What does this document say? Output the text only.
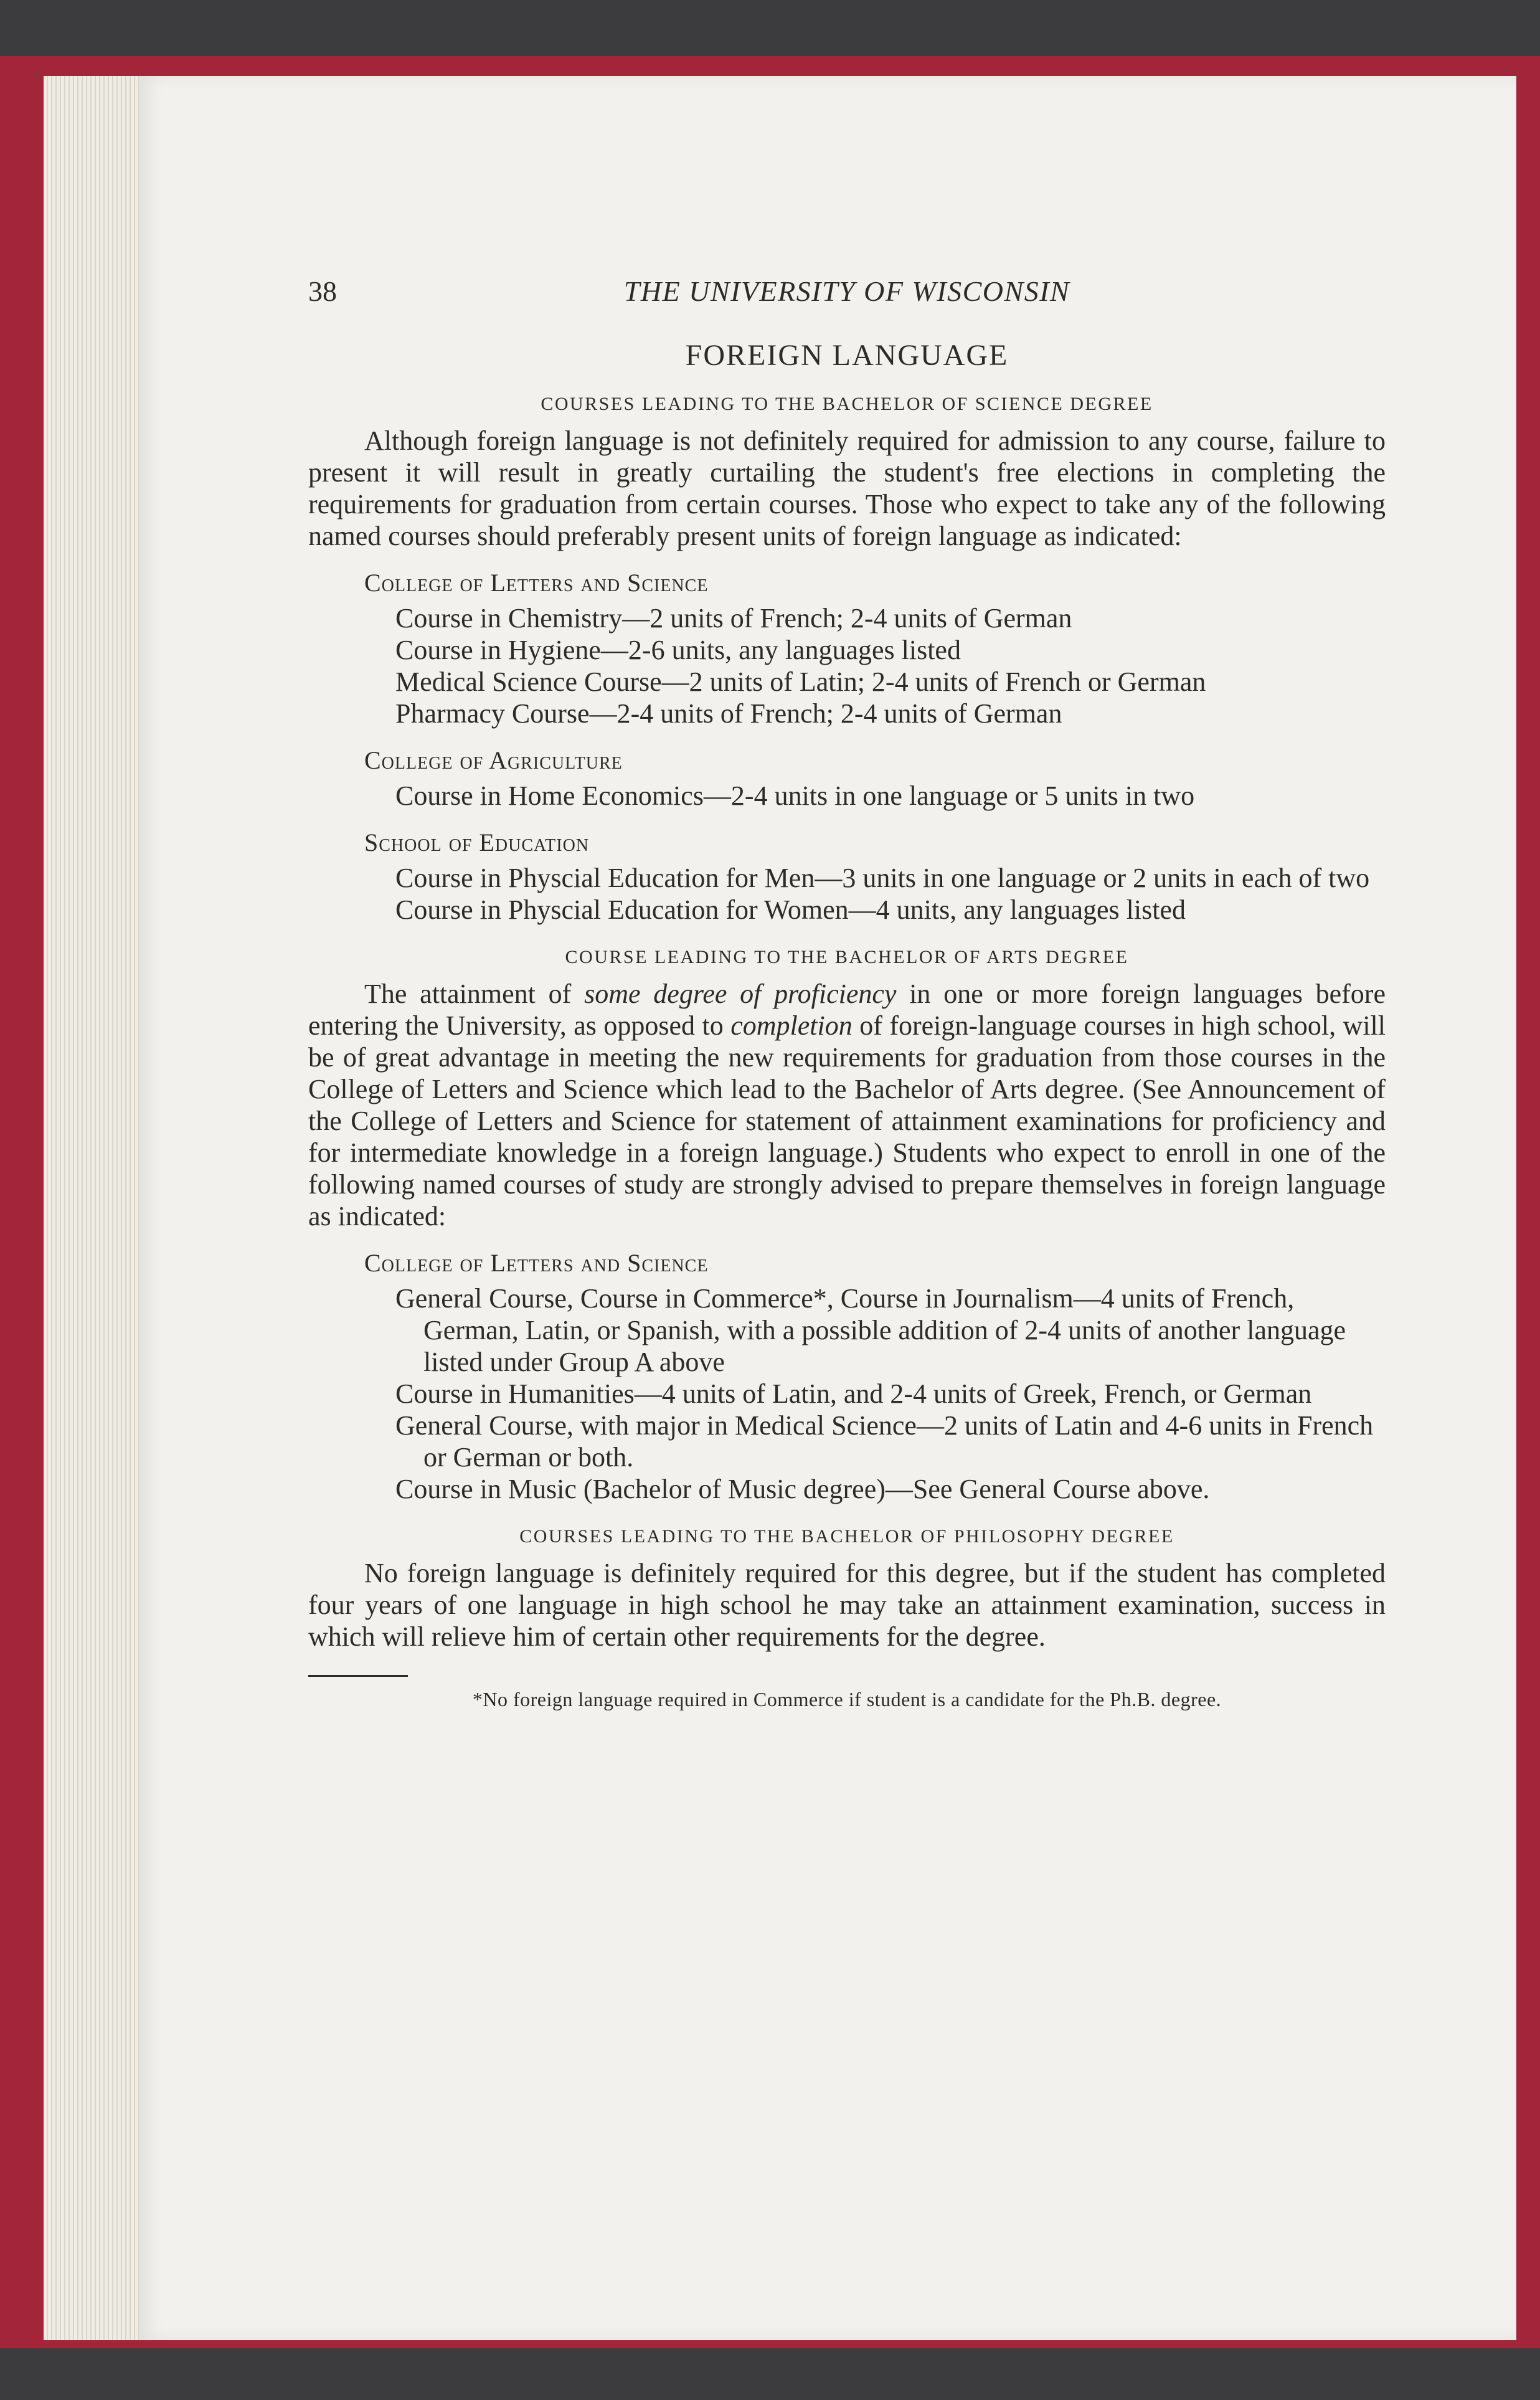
38	THE UNIVERSITY OF WISCONSIN
FOREIGN LANGUAGE
COURSES LEADING TO THE BACHELOR OF SCIENCE DEGREE

Although foreign language is not definitely required for admission to any course, failure to present it will result in greatly curtailing the student's free elections in completing the requirements for graduation from certain courses. Those who expect to take any of the following named courses should preferably present units of foreign language as indicated:

College of Letters and Science
Course in Chemistry—2 units of French; 2-4 units of German
Course in Hygiene—2-6 units, any languages listed
Medical Science Course—2 units of Latin; 2-4 units of French or German
Pharmacy Course—2-4 units of French; 2-4 units of German
College of Agriculture
Course in Home Economics—2-4 units in one language or 5 units in two
School of Education
Course in Physcial Education for Men—3 units in one language or 2 units in each of two
Course in Physcial Education for Women—4 units, any languages listed
COURSE LEADING TO THE BACHELOR OF ARTS DEGREE

The attainment of some degree of proficiency in one or more foreign languages before entering the University, as opposed to completion of foreign-language courses in high school, will be of great advantage in meeting the new requirements for graduation from those courses in the College of Letters and Science which lead to the Bachelor of Arts degree. (See Announcement of the College of Letters and Science for statement of attainment examinations for proficiency and for intermediate knowledge in a foreign language.) Students who expect to enroll in one of the following named courses of study are strongly advised to prepare themselves in foreign language as indicated:

College of Letters and Science
General Course, Course in Commerce*, Course in Journalism—4 units of French, German, Latin, or Spanish, with a possible addition of 2-4 units of another language listed under Group A above
Course in Humanities—4 units of Latin, and 2-4 units of Greek, French, or German
General Course, with major in Medical Science—2 units of Latin and 4-6 units in French or German or both.
Course in Music (Bachelor of Music degree)—See General Course above.
COURSES LEADING TO THE BACHELOR OF PHILOSOPHY DEGREE

No foreign language is definitely required for this degree, but if the student has completed four years of one language in high school he may take an attainment examination, success in which will relieve him of certain other requirements for the degree.

*No foreign language required in Commerce if student is a candidate for the Ph.B. degree.
